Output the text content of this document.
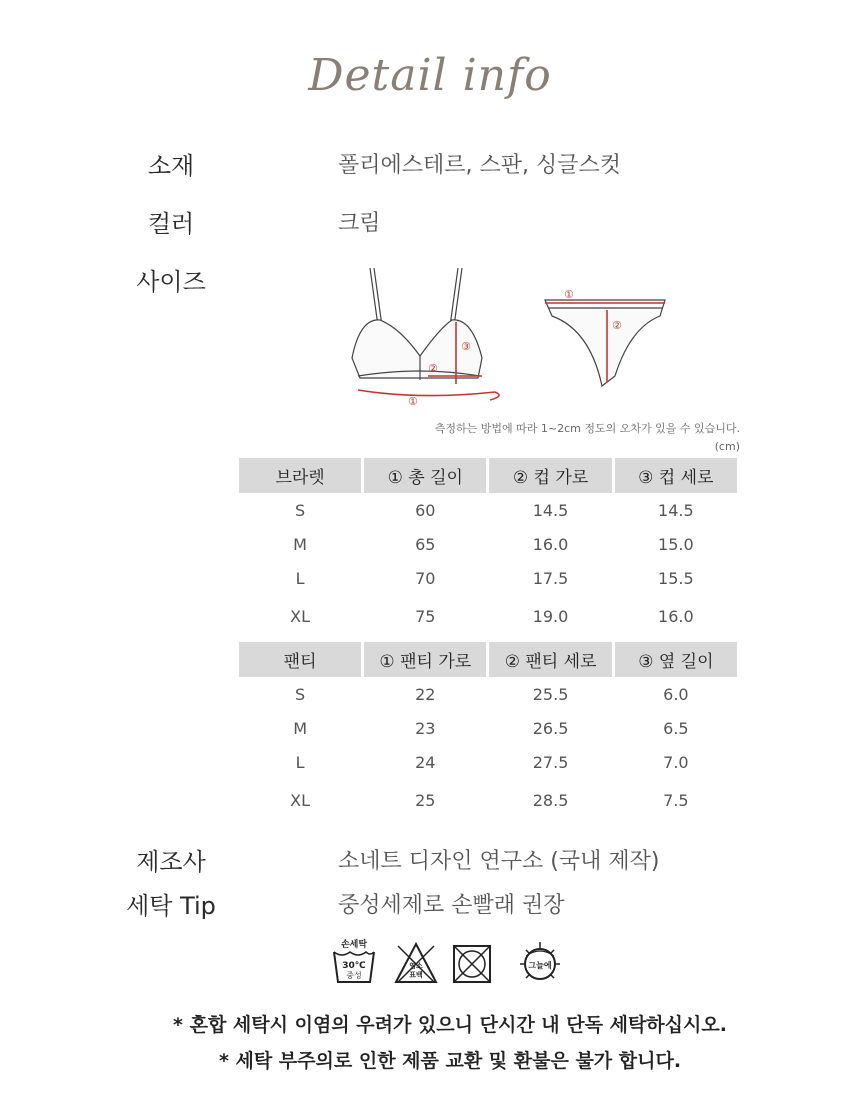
Detail info
소재	폴리에스테르, 스판, 싱글스컷
컬러	크림
사이즈
①
②
③
①
②
측정하는 방법에 따라 1~2cm 정도의 오차가 있을 수 있습니다.
(cm)
브라렛	① 총 길이	② 컵 가로	③ 컵 세로
S	60	14.5	14.5
M	65	16.0	15.0
L	70	17.5	15.5
XL	75	19.0	16.0
팬티	① 팬티 가로	② 팬티 세로	③ 옆 길이
S	22	25.5	6.0
M	23	26.5	6.5
L	24	27.5	7.0
XL	25	28.5	7.5
제조사	소네트 디자인 연구소 (국내 제작)
세탁 Tip	중성세제로 손빨래 권장
손세탁
30℃
중성
염소
표백
그늘에
* 혼합 세탁시 이염의 우려가 있으니 단시간 내 단독 세탁하십시오.
* 세탁 부주의로 인한 제품 교환 및 환불은 불가 합니다.
